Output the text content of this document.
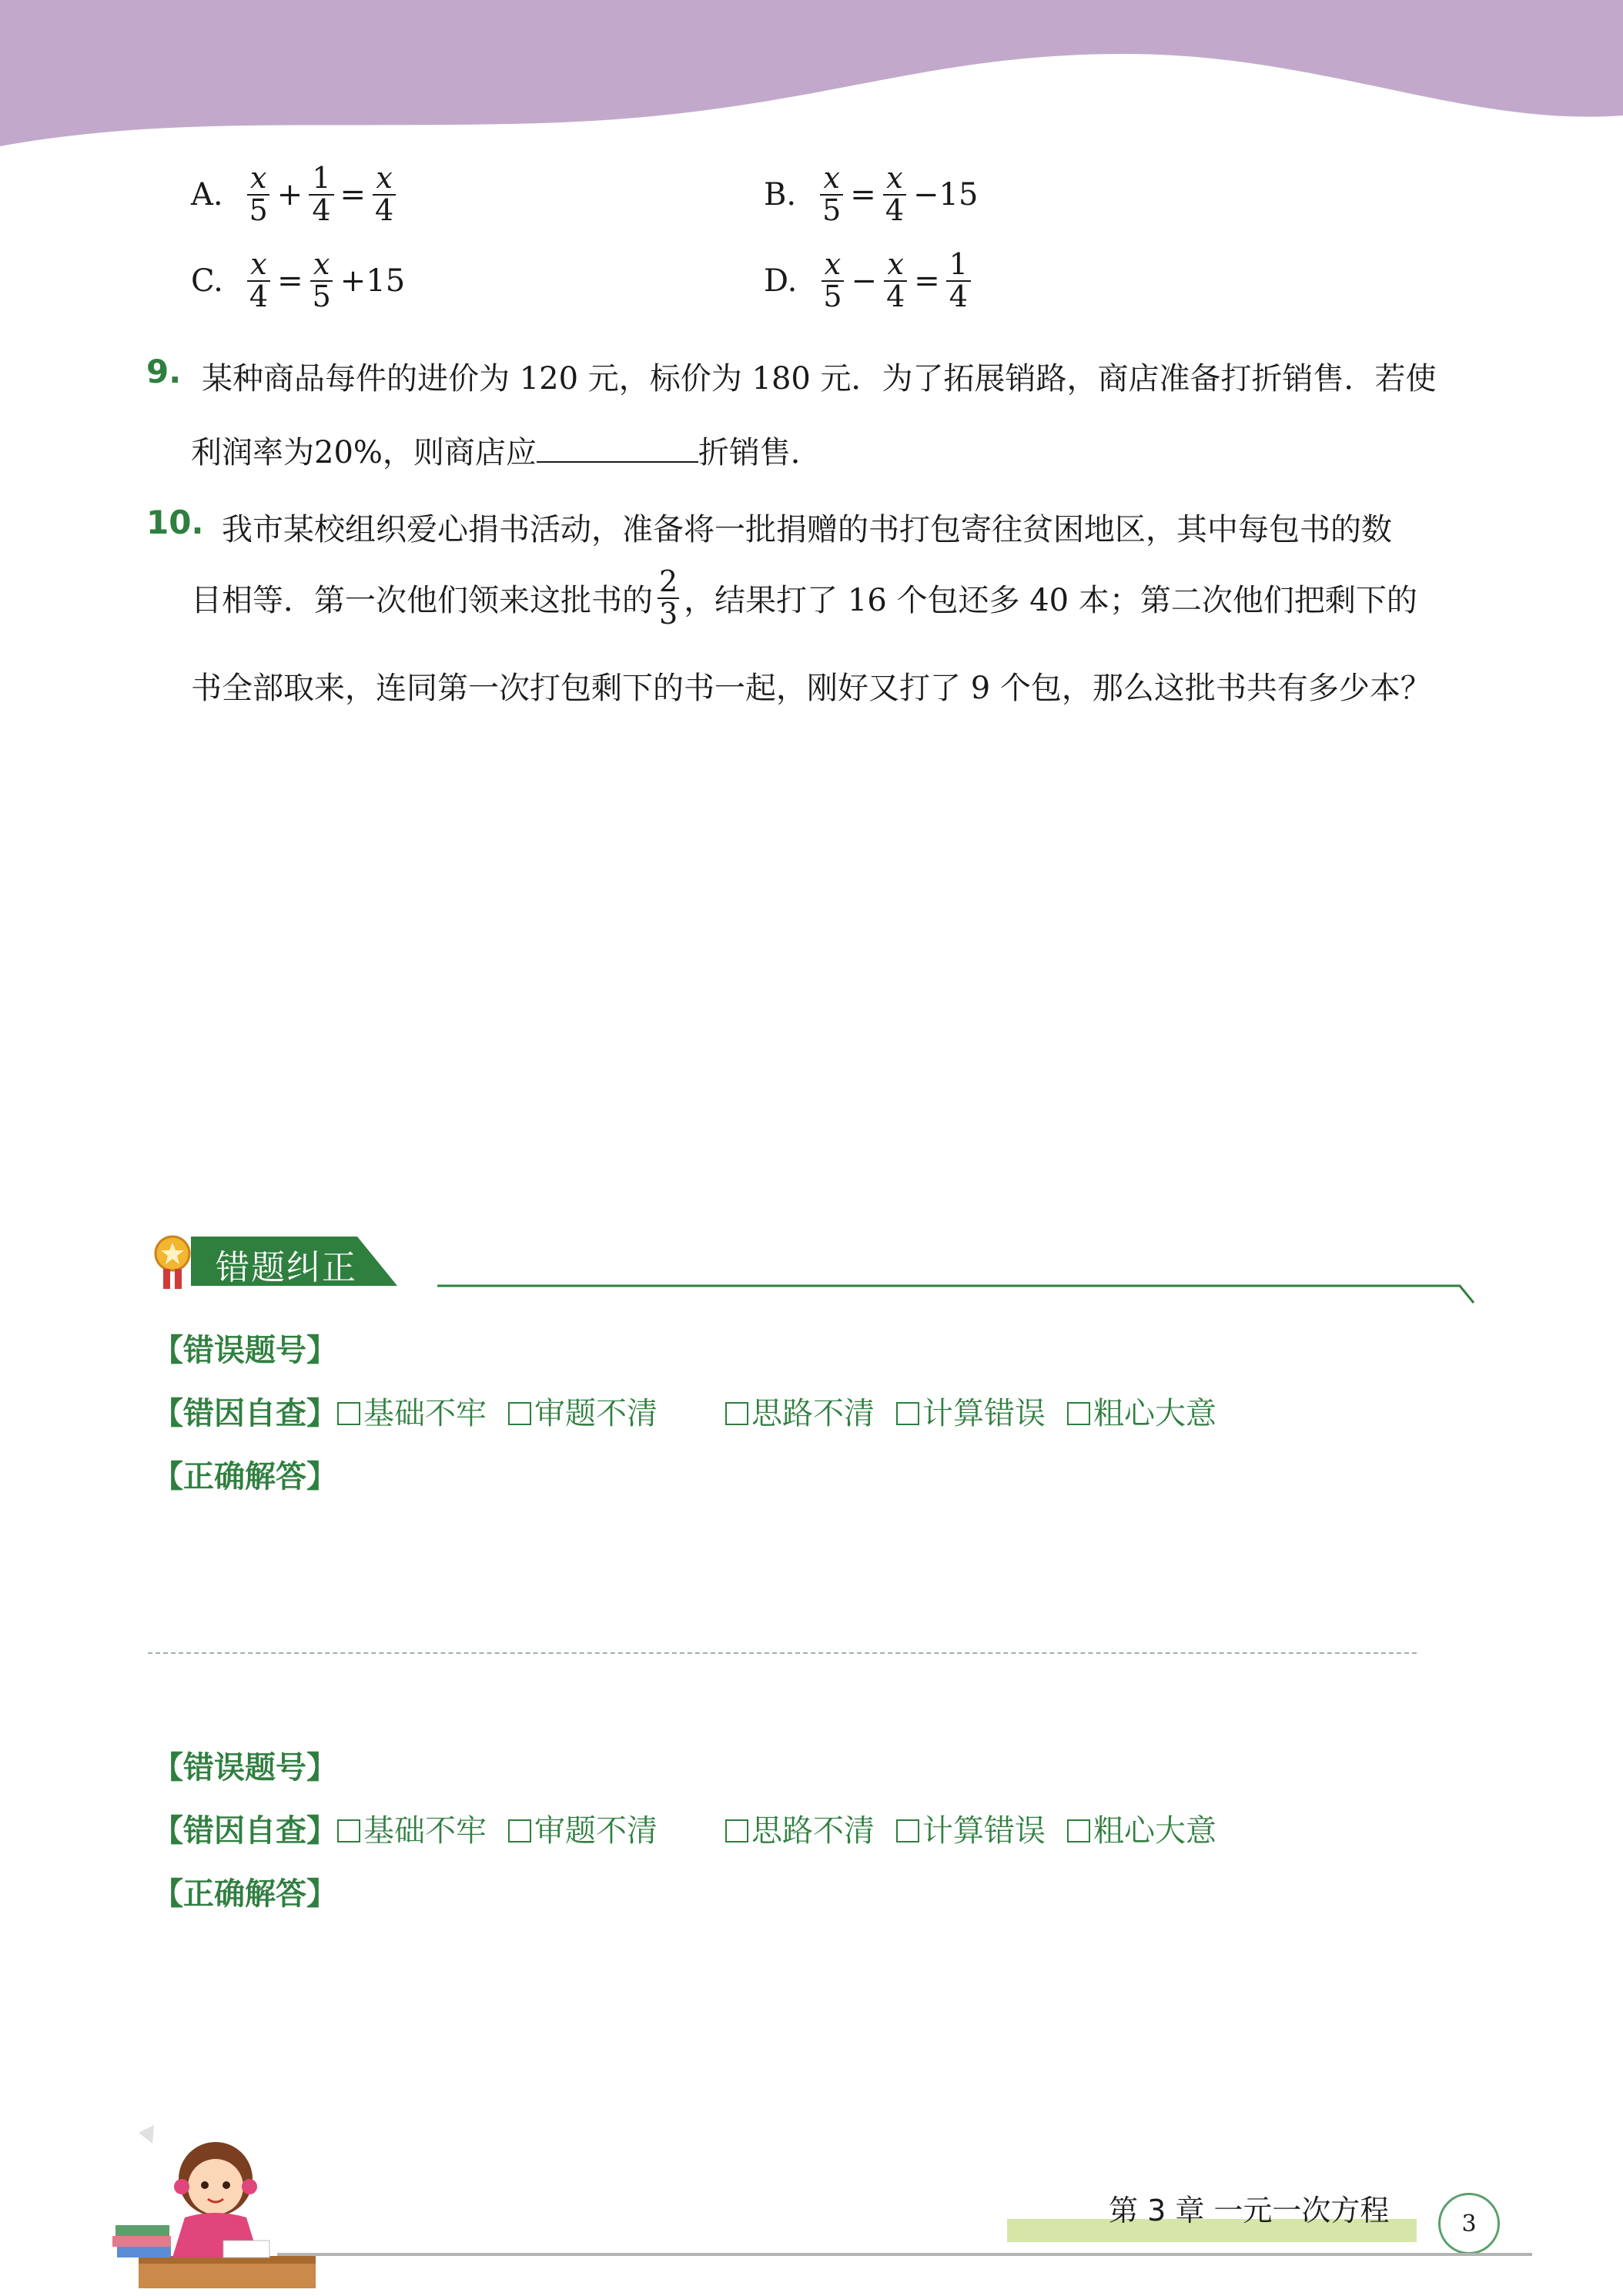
A. $\frac{x}{5} + \frac{1}{4} = \frac{x}{4}$	B. $\frac{x}{5} = \frac{x}{4} -15$
C. $\frac{x}{4} = \frac{x}{5} +15$	D. $\frac{x}{5} - \frac{x}{4} = \frac{1}{4}$
9. 某种商品每件的进价为 120 元，标价为 180 元．为了拓展销路，商店准备打折销售．若使
利润率为20%，则商店应	折销售．
10. 我市某校组织爱心捐书活动，准备将一批捐赠的书打包寄往贫困地区，其中每包书的数
目相等．第一次他们领来这批书的 $\frac{2}{3}$ ，结果打了 16 个包还多 40 本；第二次他们把剩下的
书全部取来，连同第一次打包剩下的书一起，刚好又打了 9 个包，那么这批书共有多少本？
错题纠正
【错误题号】
【错因自查】 基础不牢 审题不清	思路不清 计算错误 粗心大意
【正确解答】
【错误题号】
【错因自查】 基础不牢 审题不清	思路不清 计算错误 粗心大意
【正确解答】
第 3 章 一元一次方程	3
